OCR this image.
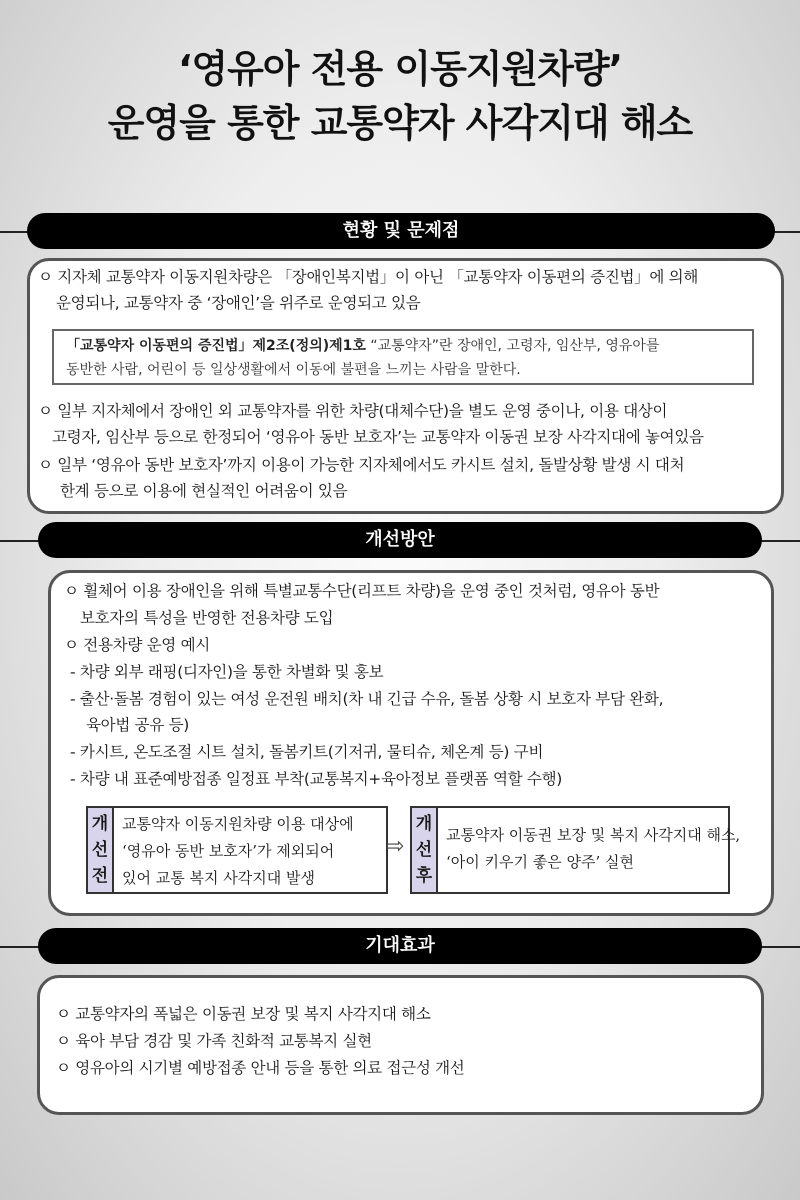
‘영유아 전용 이동지원차량’
운영을 통한 교통약자 사각지대 해소
현황 및 문제점
ㅇ 지자체 교통약자 이동지원차량은 「장애인복지법」이 아닌 「교통약자 이동편의 증진법」에 의해
운영되나, 교통약자 중 ‘장애인’을 위주로 운영되고 있음
「교통약자 이동편의 증진법」제2조(정의)제1호 “교통약자”란 장애인, 고령자, 임산부, 영유아를
동반한 사람, 어린이 등 일상생활에서 이동에 불편을 느끼는 사람을 말한다.
ㅇ 일부 지자체에서 장애인 외 교통약자를 위한 차량(대체수단)을 별도 운영 중이나, 이용 대상이
고령자, 임산부 등으로 한정되어 ‘영유아 동반 보호자’는 교통약자 이동권 보장 사각지대에 놓여있음
ㅇ 일부 ‘영유아 동반 보호자’까지 이용이 가능한 지자체에서도 카시트 설치, 돌발상황 발생 시 대처
한계 등으로 이용에 현실적인 어려움이 있음
개선방안
ㅇ 휠체어 이용 장애인을 위해 특별교통수단(리프트 차량)을 운영 중인 것처럼, 영유아 동반
보호자의 특성을 반영한 전용차량 도입
ㅇ 전용차량 운영 예시
- 차량 외부 래핑(디자인)을 통한 차별화 및 홍보
- 출산·돌봄 경험이 있는 여성 운전원 배치(차 내 긴급 수유, 돌봄 상황 시 보호자 부담 완화,
육아법 공유 등)
- 카시트, 온도조절 시트 설치, 돌봄키트(기저귀, 물티슈, 체온계 등) 구비
- 차량 내 표준예방접종 일정표 부착(교통복지+육아정보 플랫폼 역할 수행)
개
선
전
교통약자 이동지원차량 이용 대상에
‘영유아 동반 보호자’가 제외되어
있어 교통 복지 사각지대 발생
⇨
개
선
후
교통약자 이동권 보장 및 복지 사각지대 해소,
‘아이 키우기 좋은 양주’ 실현
기대효과
ㅇ 교통약자의 폭넓은 이동권 보장 및 복지 사각지대 해소
ㅇ 육아 부담 경감 및 가족 친화적 교통복지 실현
ㅇ 영유아의 시기별 예방접종 안내 등을 통한 의료 접근성 개선
